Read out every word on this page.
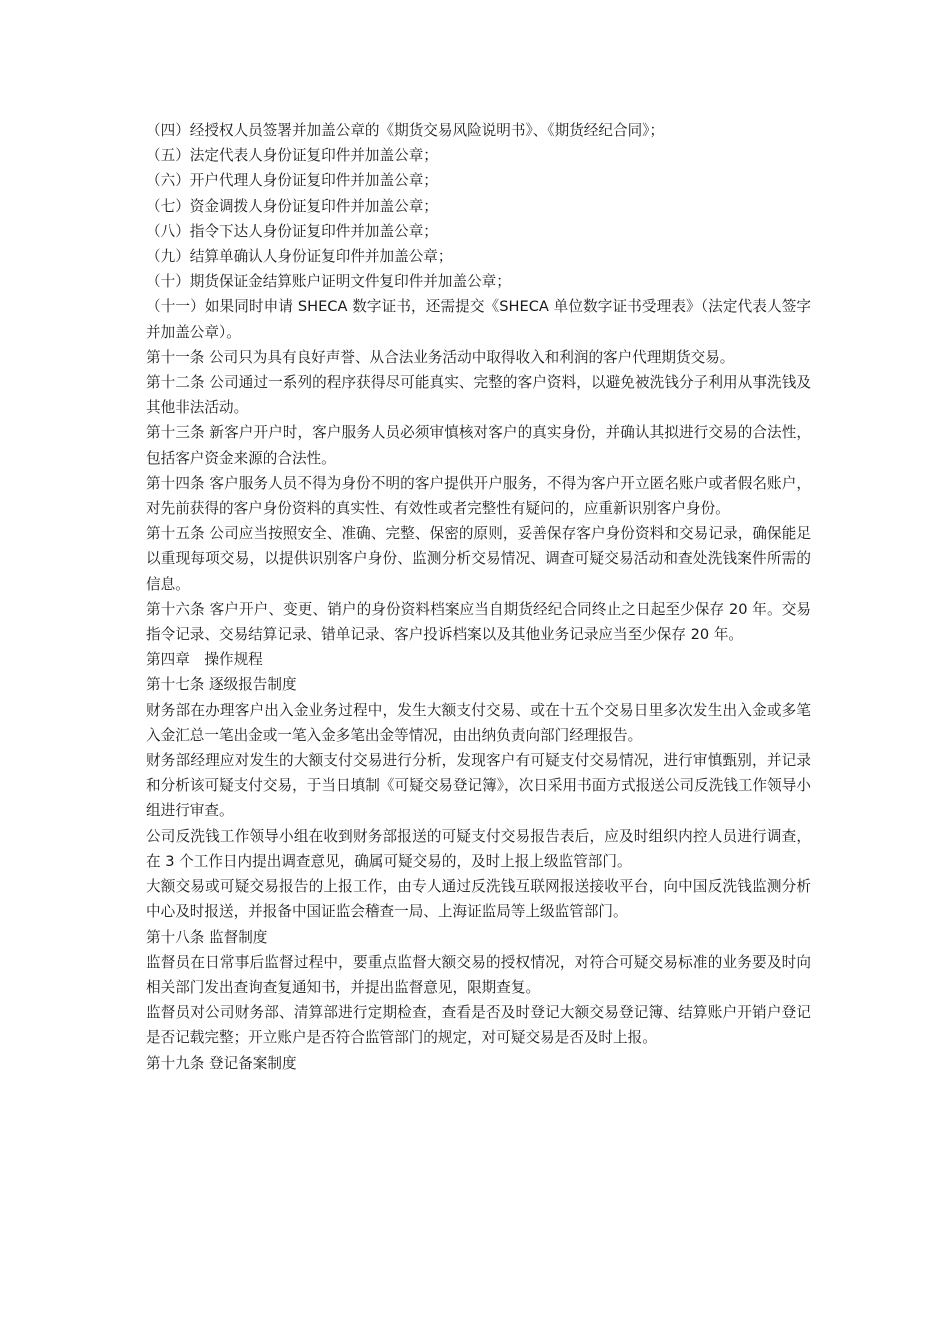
（四）经授权人员签署并加盖公章的《期货交易风险说明书》、《期货经纪合同》；

（五）法定代表人身份证复印件并加盖公章；

（六）开户代理人身份证复印件并加盖公章；

（七）资金调拨人身份证复印件并加盖公章；

（八）指令下达人身份证复印件并加盖公章；

（九）结算单确认人身份证复印件并加盖公章；

（十）期货保证金结算账户证明文件复印件并加盖公章；

（十一）如果同时申请 SHECA 数字证书，还需提交《SHECA 单位数字证书受理表》（法定代表人签字并加盖公章）。

第十一条 公司只为具有良好声誉、从合法业务活动中取得收入和利润的客户代理期货交易。

第十二条 公司通过一系列的程序获得尽可能真实、完整的客户资料，以避免被洗钱分子利用从事洗钱及其他非法活动。

第十三条 新客户开户时，客户服务人员必须审慎核对客户的真实身份，并确认其拟进行交易的合法性，包括客户资金来源的合法性。

第十四条 客户服务人员不得为身份不明的客户提供开户服务，不得为客户开立匿名账户或者假名账户，对先前获得的客户身份资料的真实性、有效性或者完整性有疑问的，应重新识别客户身份。

第十五条 公司应当按照安全、准确、完整、保密的原则，妥善保存客户身份资料和交易记录，确保能足以重现每项交易，以提供识别客户身份、监测分析交易情况、调查可疑交易活动和查处洗钱案件所需的信息。

第十六条 客户开户、变更、销户的身份资料档案应当自期货经纪合同终止之日起至少保存 20 年。交易指令记录、交易结算记录、错单记录、客户投诉档案以及其他业务记录应当至少保存 20 年。

第四章　操作规程

第十七条 逐级报告制度

财务部在办理客户出入金业务过程中，发生大额支付交易、或在十五个交易日里多次发生出入金或多笔入金汇总一笔出金或一笔入金多笔出金等情况，由出纳负责向部门经理报告。

财务部经理应对发生的大额支付交易进行分析，发现客户有可疑支付交易情况，进行审慎甄别，并记录和分析该可疑支付交易，于当日填制《可疑交易登记簿》，次日采用书面方式报送公司反洗钱工作领导小组进行审查。

公司反洗钱工作领导小组在收到财务部报送的可疑支付交易报告表后，应及时组织内控人员进行调查，在 3 个工作日内提出调查意见，确属可疑交易的，及时上报上级监管部门。

大额交易或可疑交易报告的上报工作，由专人通过反洗钱互联网报送接收平台，向中国反洗钱监测分析中心及时报送，并报备中国证监会稽查一局、上海证监局等上级监管部门。

第十八条 监督制度

监督员在日常事后监督过程中，要重点监督大额交易的授权情况，对符合可疑交易标准的业务要及时向相关部门发出查询查复通知书，并提出监督意见，限期查复。

监督员对公司财务部、清算部进行定期检查，查看是否及时登记大额交易登记簿、结算账户开销户登记是否记载完整；开立账户是否符合监管部门的规定，对可疑交易是否及时上报。

第十九条 登记备案制度
